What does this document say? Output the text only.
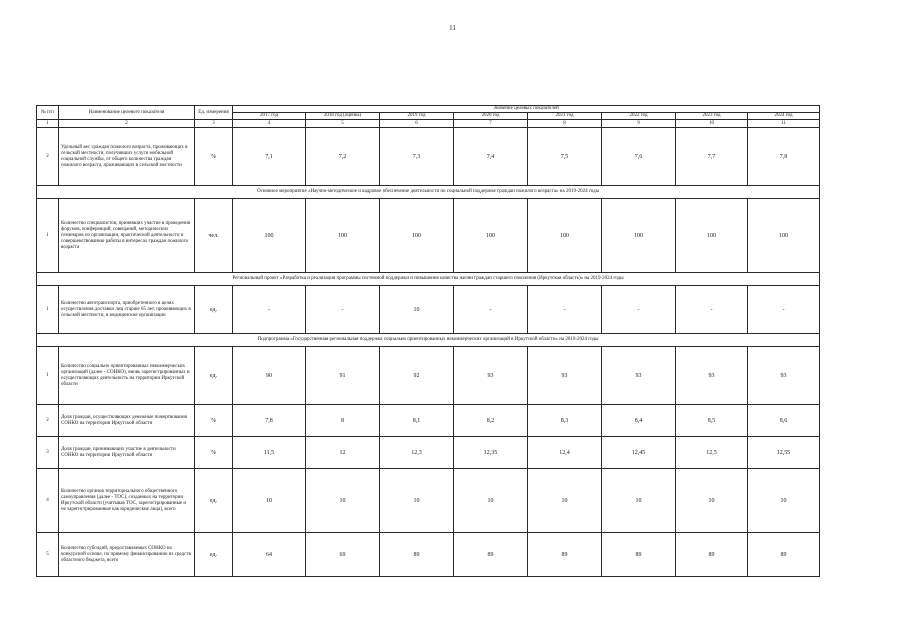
11
№ п/п	Наименование целевого показателя	Ед. измерения	Значение целевых показателей							
			2017 год	2018 год (оценка)	2019 год	2020 год	2021 год	2022 год	2023 год	2024 год
1	2	3	4	5	6	7	8	9	10	11
2	Удельный вес граждан пожилого возраста, проживающих в сельской местности, получивших услуги мобильной социальной службы, от общего количества граждан пожилого возраста, проживающих в сельской местности	%	7,1	7,2	7,3	7,4	7,5	7,6	7,7	7,8
Основное мероприятие «Научно-методическое и кадровое обеспечение деятельности по социальной поддержке граждан пожилого возраста» на 2019-2024 годы										
1	Количество специалистов, принявших участие в проведении форумов, конференций, совещаний, методических семинаров по организации, практической деятельности и совершенствованию работы в интересах граждан пожилого возраста	чел.	100	100	100	100	100	100	100	100
Региональный проект «Разработка и реализация программы системной поддержки и повышения качества жизни граждан старшего поколения (Иркутская область)» на 2019-2024 годы										
1	Количество автотранспорта, приобретенного в целях осуществления доставки лиц старше 65 лет, проживающих в сельской местности, в медицинские организации	ед.	-	-	10	-	-	-	-	-
Подпрограмма «Государственная региональная поддержка социально ориентированных некоммерческих организаций в Иркутской области» на 2019-2024 годы										
1	Количество социально ориентированных некоммерческих организаций (далее - СОНКО), вновь зарегистрированных и осуществляющих деятельность на территории Иркутской области	ед.	90	91	92	93	93	93	93	93
2	Доля граждан, осуществляющих денежные пожертвования СОНКО на территории Иркутской области	%	7,8	8	8,1	8,2	8,3	8,4	8,5	8,6
3	Доля граждан, принимающих участие в деятельности СОНКО на территории Иркутской области	%	11,5	12	12,3	12,35	12,4	12,45	12,5	12,55
4	Количество органов территориального общественного самоуправления (далее - ТОС), созданных на территории Иркутской области (учитывая ТОС, зарегистрированные и не зарегистрированные как юридические лица), всего	ед.	10	10	10	10	10	10	10	10
5	Количество субсидий, предоставляемых СОНКО на конкурсной основе, по прямому финансированию из средств областного бюджета, всего	ед.	64	69	89	89	89	89	89	89
